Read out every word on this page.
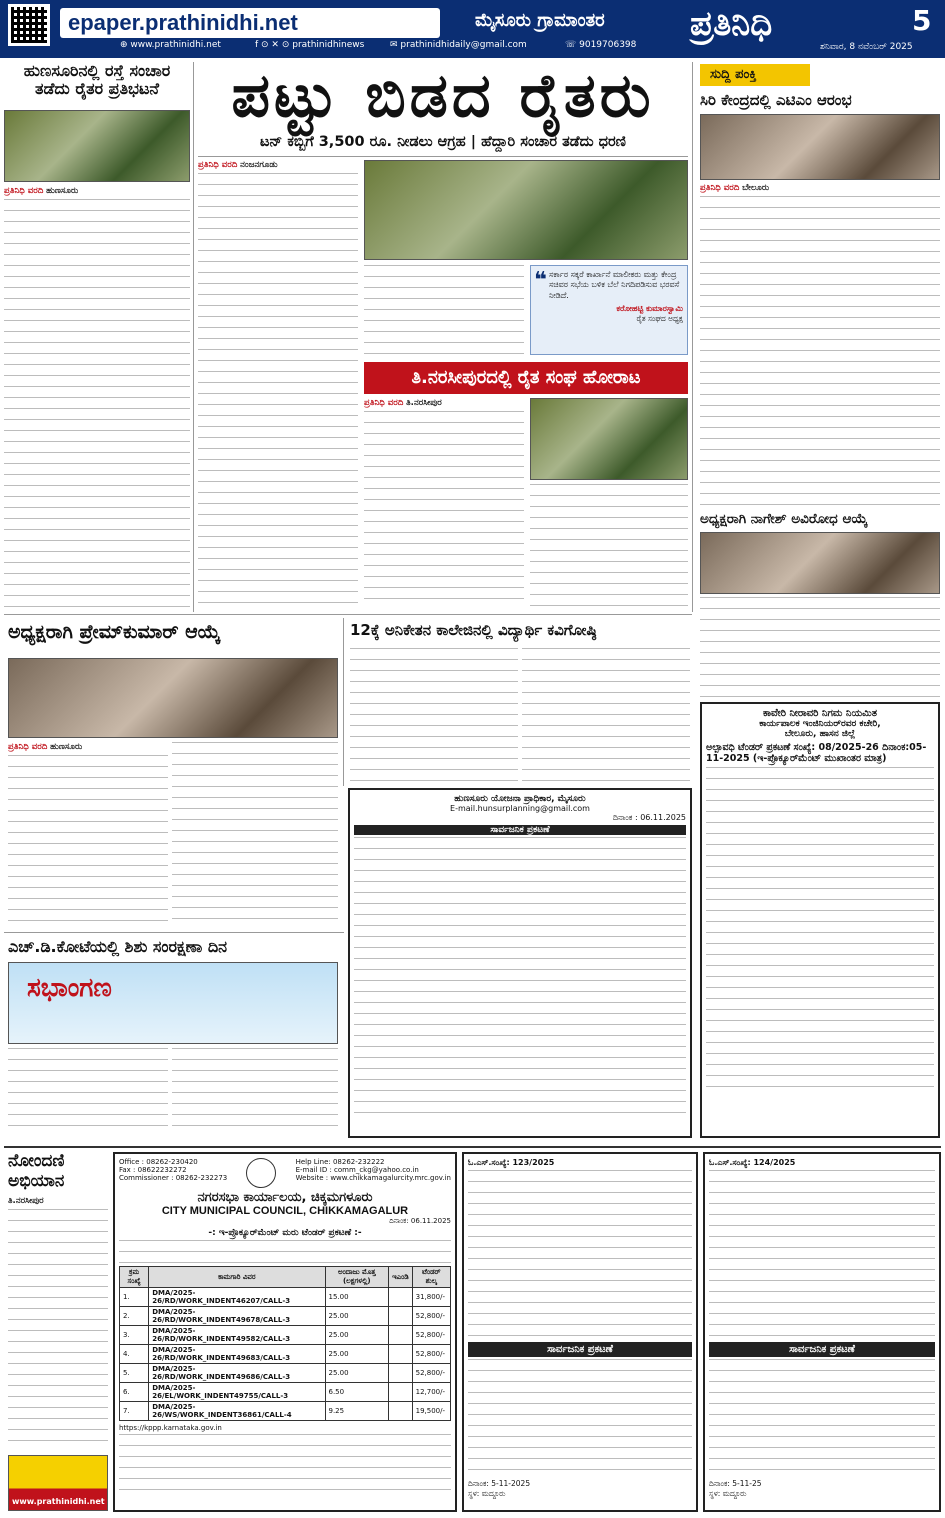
epaper.prathinidhi.net	ಮೈಸೂರು ಗ್ರಾಮಾಂತರ	ಪ್ರತಿನಿಧಿ	5
⊕ www.prathinidhi.net	f ⊙ ✕ ⊙ prathinidhinews	✉ prathinidhidaily@gmail.com	☏ 9019706398	ಶನಿವಾರ, 8 ನವೆಂಬರ್ 2025
ಹುಣಸೂರಿನಲ್ಲಿ ರಸ್ತೆ ಸಂಚಾರ ತಡೆದು ರೈತರ ಪ್ರತಿಭಟನೆ
ಪ್ರತಿನಿಧಿ ವರದಿ ಹುಣಸೂರು
ಪಟ್ಟು ಬಿಡದ ರೈತರು
ಟನ್ ಕಬ್ಬಿಗೆ 3,500 ರೂ. ನೀಡಲು ಆಗ್ರಹ | ಹೆದ್ದಾರಿ ಸಂಚಾರ ತಡೆದು ಧರಣಿ
ಪ್ರತಿನಿಧಿ ವರದಿ ನಂಜನಗೂಡು
❝ ಸರ್ಕಾರ ಸಕ್ಕರೆ ಕಾರ್ಖಾನೆ ಮಾಲೀಕರು ಮತ್ತು ಕೇಂದ್ರ ಸಚಿವರ ಸಭೆಯ ಬಳಿಕ ಬೆಲೆ ನಿಗದಿಪಡಿಸುವ ಭರವಸೆ ನೀಡಿದೆ.
ಕರೋಹಟ್ಟಿ ಕುಮಾರಸ್ವಾಮಿ
ರೈತ ಸಂಘದ ಅಧ್ಯಕ್ಷ
ತಿ.ನರಸೀಪುರದಲ್ಲಿ ರೈತ ಸಂಘ ಹೋರಾಟ
ಪ್ರತಿನಿಧಿ ವರದಿ ತಿ.ನರಸೀಪುರ
ಸುದ್ದಿ ಪಂಕ್ತಿ
ಸಿರಿ ಕೇಂದ್ರದಲ್ಲಿ ಎಟಿಎಂ ಆರಂಭ
ಪ್ರತಿನಿಧಿ ವರದಿ ಬೇಲೂರು
ಅಧ್ಯಕ್ಷರಾಗಿ ನಾಗೇಶ್ ಅವಿರೋಧ ಆಯ್ಕೆ
ಅಧ್ಯಕ್ಷರಾಗಿ ಪ್ರೇಮ್‌ಕುಮಾರ್ ಆಯ್ಕೆ
ಪ್ರತಿನಿಧಿ ವರದಿ ಹುಣಸೂರು
12ಕ್ಕೆ ಅನಿಕೇತನ ಕಾಲೇಜಿನಲ್ಲಿ ವಿದ್ಯಾರ್ಥಿ ಕವಿಗೋಷ್ಠಿ
ಹುಣಸೂರು ಯೋಜನಾ ಪ್ರಾಧಿಕಾರ, ಮೈಸೂರು
E-mail.hunsurplanning@gmail.com
ದಿನಾಂಕ : 06.11.2025
ಸಾರ್ವಜನಿಕ ಪ್ರಕಟಣೆ
ಎಚ್.ಡಿ.ಕೋಟೆಯಲ್ಲಿ ಶಿಶು ಸಂರಕ್ಷಣಾ ದಿನ
ಸಭಾಂಗಣ
ಕಾವೇರಿ ನೀರಾವರಿ ನಿಗಮ ನಿಯಮಿತ
ಕಾರ್ಯಪಾಲಕ ಇಂಜಿನಿಯರ್‌ರವರ ಕಚೇರಿ,
ಬೇಲೂರು, ಹಾಸನ ಜಿಲ್ಲೆ
ಅಲ್ಪಾವಧಿ ಟೆಂಡರ್ ಪ್ರಕಟಣೆ ಸಂಖ್ಯೆ: 08/2025-26 ದಿನಾಂಕ:05-11-2025 (ಇ-ಪ್ರೊಕ್ಯೂರ್‌ಮೆಂಟ್ ಮುಖಾಂತರ ಮಾತ್ರ)
ನೋಂದಣಿ ಅಭಿಯಾನ
ತಿ.ನರಸೀಪುರ
www.prathinidhi.net
Office : 08262-230420
Fax : 08622232272
Commissioner : 08262-232273
Help Line: 08262-232222
E-mail ID : comm_ckg@yahoo.co.in
Website : www.chikkamagalurcity.mrc.gov.in
ನಗರಸಭಾ ಕಾರ್ಯಾಲಯ, ಚಿಕ್ಕಮಗಳೂರು
CITY MUNICIPAL COUNCIL, CHIKKAMAGALUR
ದಿನಾಂಕ: 06.11.2025
-: ಇ-ಪ್ರೊಕ್ಯೂರ್‌ಮೆಂಟ್ ಮರು ಟೆಂಡರ್ ಪ್ರಕಟಣೆ :-
ಕ್ರಮ ಸಂಖ್ಯೆ	ಕಾಮಗಾರಿ ವಿವರ	ಅಂದಾಜು ಮೊತ್ತ (ಲಕ್ಷಗಳಲ್ಲಿ)	ಇಎಂಡಿ	ಟೆಂಡರ್ ಶುಲ್ಕ
1.	DMA/2025-26/RD/WORK_INDENT46207/CALL-3	15.00		31,800/-
2.	DMA/2025-26/RD/WORK_INDENT49678/CALL-3	25.00		52,800/-
3.	DMA/2025-26/RD/WORK_INDENT49582/CALL-3	25.00		52,800/-
4.	DMA/2025-26/RD/WORK_INDENT49683/CALL-3	25.00		52,800/-
5.	DMA/2025-26/RD/WORK_INDENT49686/CALL-3	25.00		52,800/-
6.	DMA/2025-26/EL/WORK_INDENT49755/CALL-3	6.50		12,700/-
7.	DMA/2025-26/WS/WORK_INDENT36861/CALL-4	9.25		19,500/-
https://kppp.karnataka.gov.in
ಓ.ಎಸ್.ಸಂಖ್ಯೆ: 123/2025
ಸಾರ್ವಜನಿಕ ಪ್ರಕಟಣೆ
ದಿನಾಂಕ: 5-11-2025
ಸ್ಥಳ: ಮದ್ದೂರು
ಓ.ಎಸ್.ಸಂಖ್ಯೆ: 124/2025
ಸಾರ್ವಜನಿಕ ಪ್ರಕಟಣೆ
ದಿನಾಂಕ: 5-11-25
ಸ್ಥಳ: ಮದ್ದೂರು
